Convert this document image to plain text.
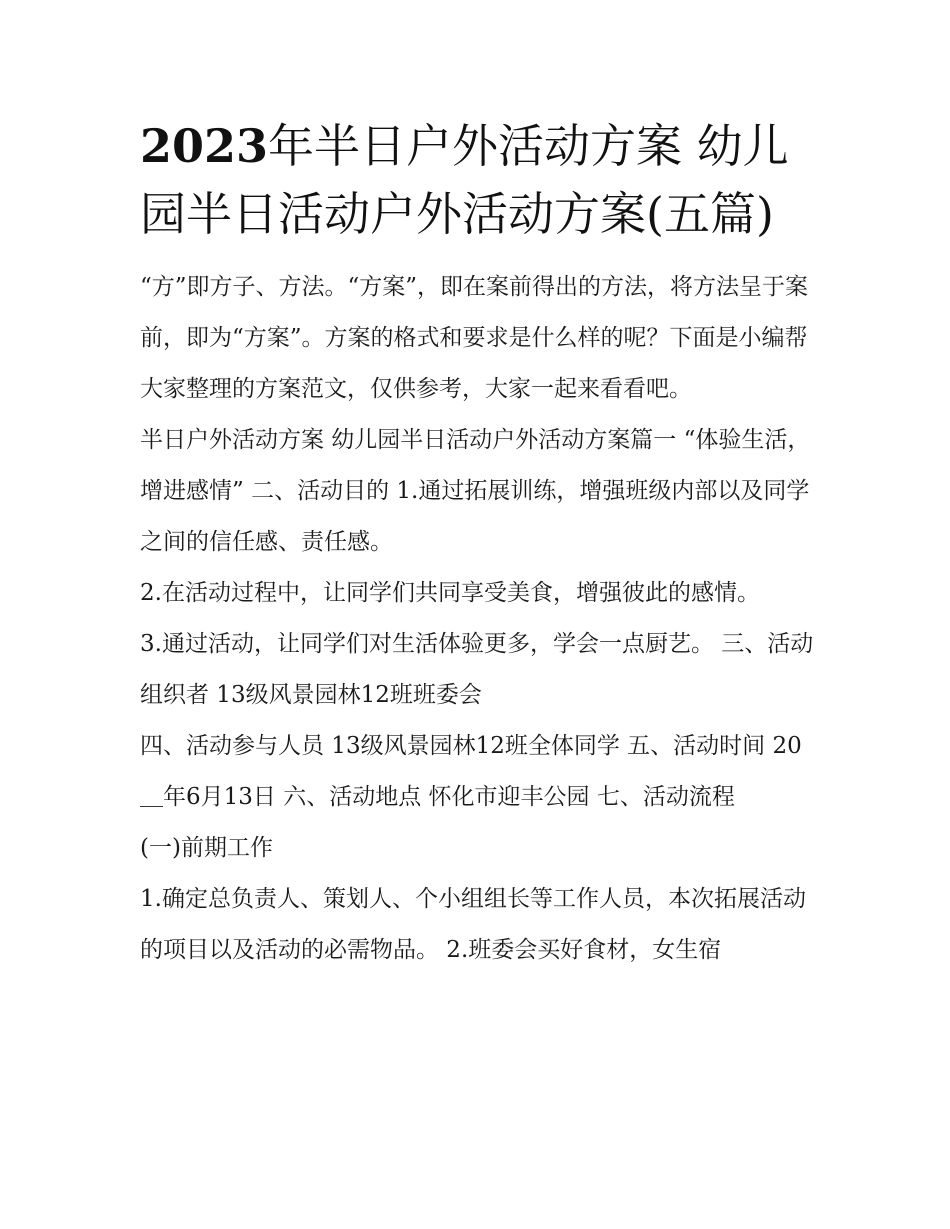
2023年半日户外活动方案 幼儿园半日活动户外活动方案(五篇)

“方”即方子、方法。“方案”，即在案前得出的方法，将方法呈于案前，即为“方案”。方案的格式和要求是什么样的呢？下面是小编帮大家整理的方案范文，仅供参考，大家一起来看看吧。

半日户外活动方案 幼儿园半日活动户外活动方案篇一 “体验生活，增进感情” 二、活动目的 1.通过拓展训练，增强班级内部以及同学之间的信任感、责任感。

2.在活动过程中，让同学们共同享受美食，增强彼此的感情。

3.通过活动，让同学们对生活体验更多，学会一点厨艺。 三、活动组织者 13级风景园林12班班委会

四、活动参与人员 13级风景园林12班全体同学 五、活动时间 20＿年6月13日 六、活动地点 怀化市迎丰公园 七、活动流程

(一)前期工作

1.确定总负责人、策划人、个小组组长等工作人员，本次拓展活动的项目以及活动的必需物品。 2.班委会买好食材，女生宿
